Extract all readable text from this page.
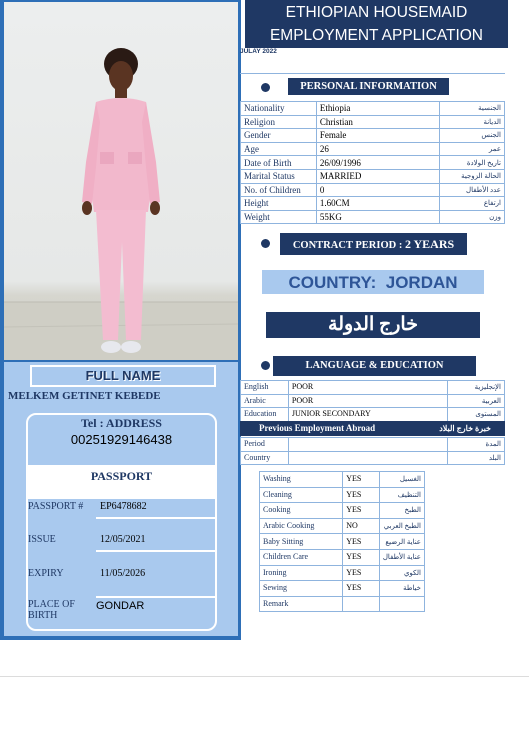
FULL NAME
MELKEM GETINET KEBEDE
Tel : ADDRESS
00251929146438
PASSPORT
PASSPORT # EP6478682
ISSUE	12/05/2021
EXPIRY	11/05/2026
PLACE OF
BIRTH
GONDAR
ETHIOPIAN HOUSEMAID
EMPLOYMENT APPLICATION
JULAY 2022
PERSONAL INFORMATION
Nationality	Ethiopia	الجنسية
Religion	Christian	الديانة
Gender	Female	الجنس
Age	26	عمر
Date of Birth	26/09/1996	تاريخ الولادة
Marital Status	MARRIED	الحالة الزوجية
No. of Children	0	عدد الأطفال
Height	1.60CM	ارتفاع
Weight	55KG	وزن
CONTRACT PERIOD : 2 YEARS
COUNTRY: JORDAN
خارج الدولة
LANGUAGE & EDUCATION
English	POOR	الإنجليزية
Arabic	POOR	العربية
Education	JUNIOR SECONDARY	المستوى
Previous Employment Abroad	خبرة خارج البلاد
Period		المدة
Country		البلد
Washing	YES	الغسيل
Cleaning	YES	التنظيف
Cooking	YES	الطبخ
Arabic Cooking	NO	الطبخ العربي
Baby Sitting	YES	عناية الرضيع
Children Care	YES	عناية الأطفال
Ironing	YES	الكوي
Sewing	YES	خياطة
Remark		
